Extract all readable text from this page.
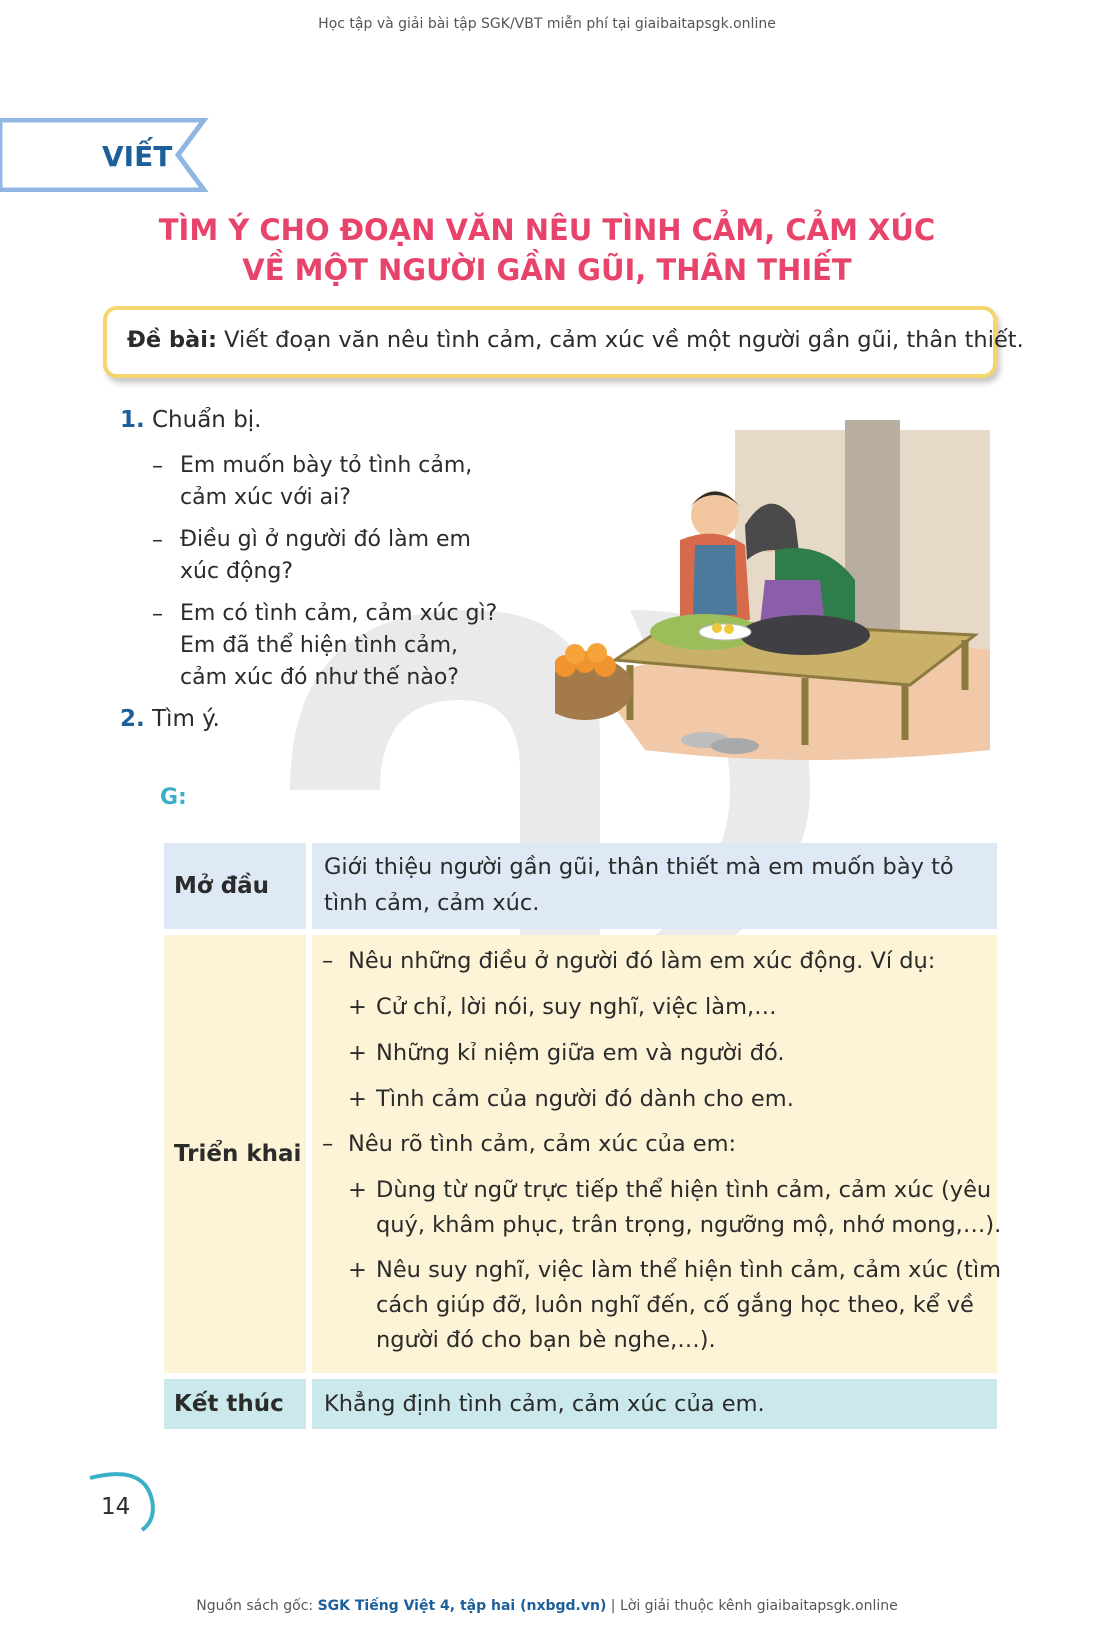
Học tập và giải bài tập SGK/VBT miễn phí tại giaibaitapsgk.online
VIẾT
TÌM Ý CHO ĐOẠN VĂN NÊU TÌNH CẢM, CẢM XÚC
VỀ MỘT NGƯỜI GẦN GŨI, THÂN THIẾT
Đề bài: Viết đoạn văn nêu tình cảm, cảm xúc về một người gần gũi, thân thiết.
1. Chuẩn bị.
– Em muốn bày tỏ tình cảm,
cảm xúc với ai?
– Điều gì ở người đó làm em
xúc động?
– Em có tình cảm, cảm xúc gì?
Em đã thể hiện tình cảm,
cảm xúc đó như thế nào?
2. Tìm ý.
G:
Mở đầu
Giới thiệu người gần gũi, thân thiết mà em muốn bày tỏ
tình cảm, cảm xúc.
Triển khai
– Nêu những điều ở người đó làm em xúc động. Ví dụ:
+ Cử chỉ, lời nói, suy nghĩ, việc làm,…
+ Những kỉ niệm giữa em và người đó.
+ Tình cảm của người đó dành cho em.
– Nêu rõ tình cảm, cảm xúc của em:
+ Dùng từ ngữ trực tiếp thể hiện tình cảm, cảm xúc (yêu
quý, khâm phục, trân trọng, ngưỡng mộ, nhớ mong,…).
+ Nêu suy nghĩ, việc làm thể hiện tình cảm, cảm xúc (tìm
cách giúp đỡ, luôn nghĩ đến, cố gắng học theo, kể về
người đó cho bạn bè nghe,…).
Kết thúc	Khẳng định tình cảm, cảm xúc của em.
14
Nguồn sách gốc: SGK Tiếng Việt 4, tập hai (nxbgd.vn) | Lời giải thuộc kênh giaibaitapsgk.online
